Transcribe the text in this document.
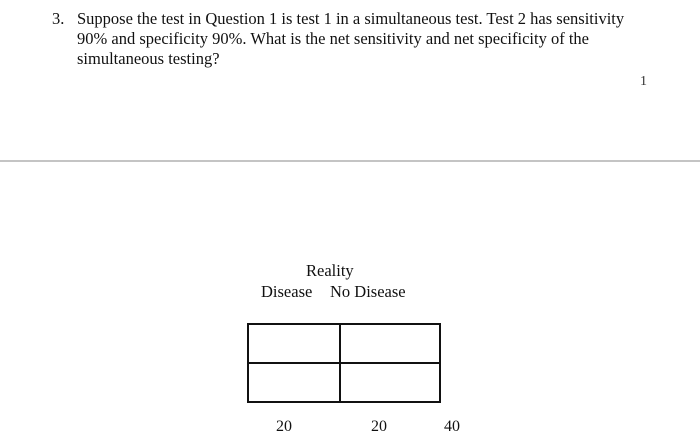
3. Suppose the test in Question 1 is test 1 in a simultaneous test. Test 2 has sensitivity 90% and specificity 90%. What is the net sensitivity and net specificity of the simultaneous testing?
1
Reality
Disease No Disease
20	20	40
